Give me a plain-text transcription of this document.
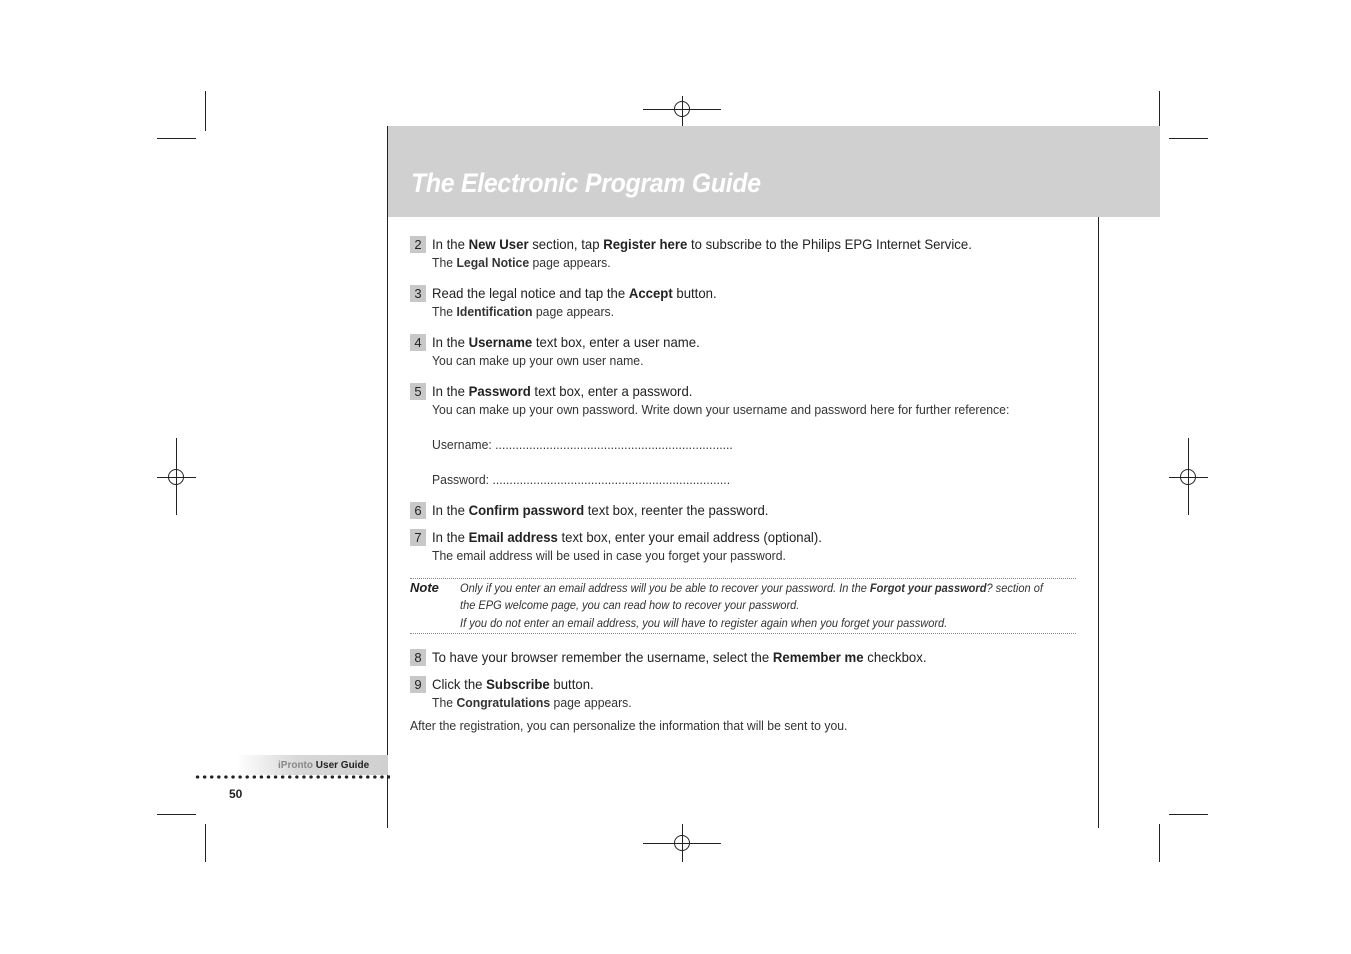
The Electronic Program Guide
2 In the New User section, tap Register here to subscribe to the Philips EPG Internet Service.
The Legal Notice page appears.
3 Read the legal notice and tap the Accept button.
The Identification page appears.
4 In the Username text box, enter a user name.
You can make up your own user name.
5 In the Password text box, enter a password.
You can make up your own password. Write down your username and password here for further reference:
6 In the Confirm password text box, reenter the password.
7 In the Email address text box, enter your email address (optional).
The email address will be used in case you forget your password.
8 To have your browser remember the username, select the Remember me checkbox.
9 Click the Subscribe button.
The Congratulations page appears.
Username: ......................................................................
Password: ......................................................................
Note Only if you enter an email address will you be able to recover your password. In the Forgot your password? section of
the EPG welcome page, you can read how to recover your password.
If you do not enter an email address, you will have to register again when you forget your password.
After the registration, you can personalize the information that will be sent to you.
iPronto User Guide
50
